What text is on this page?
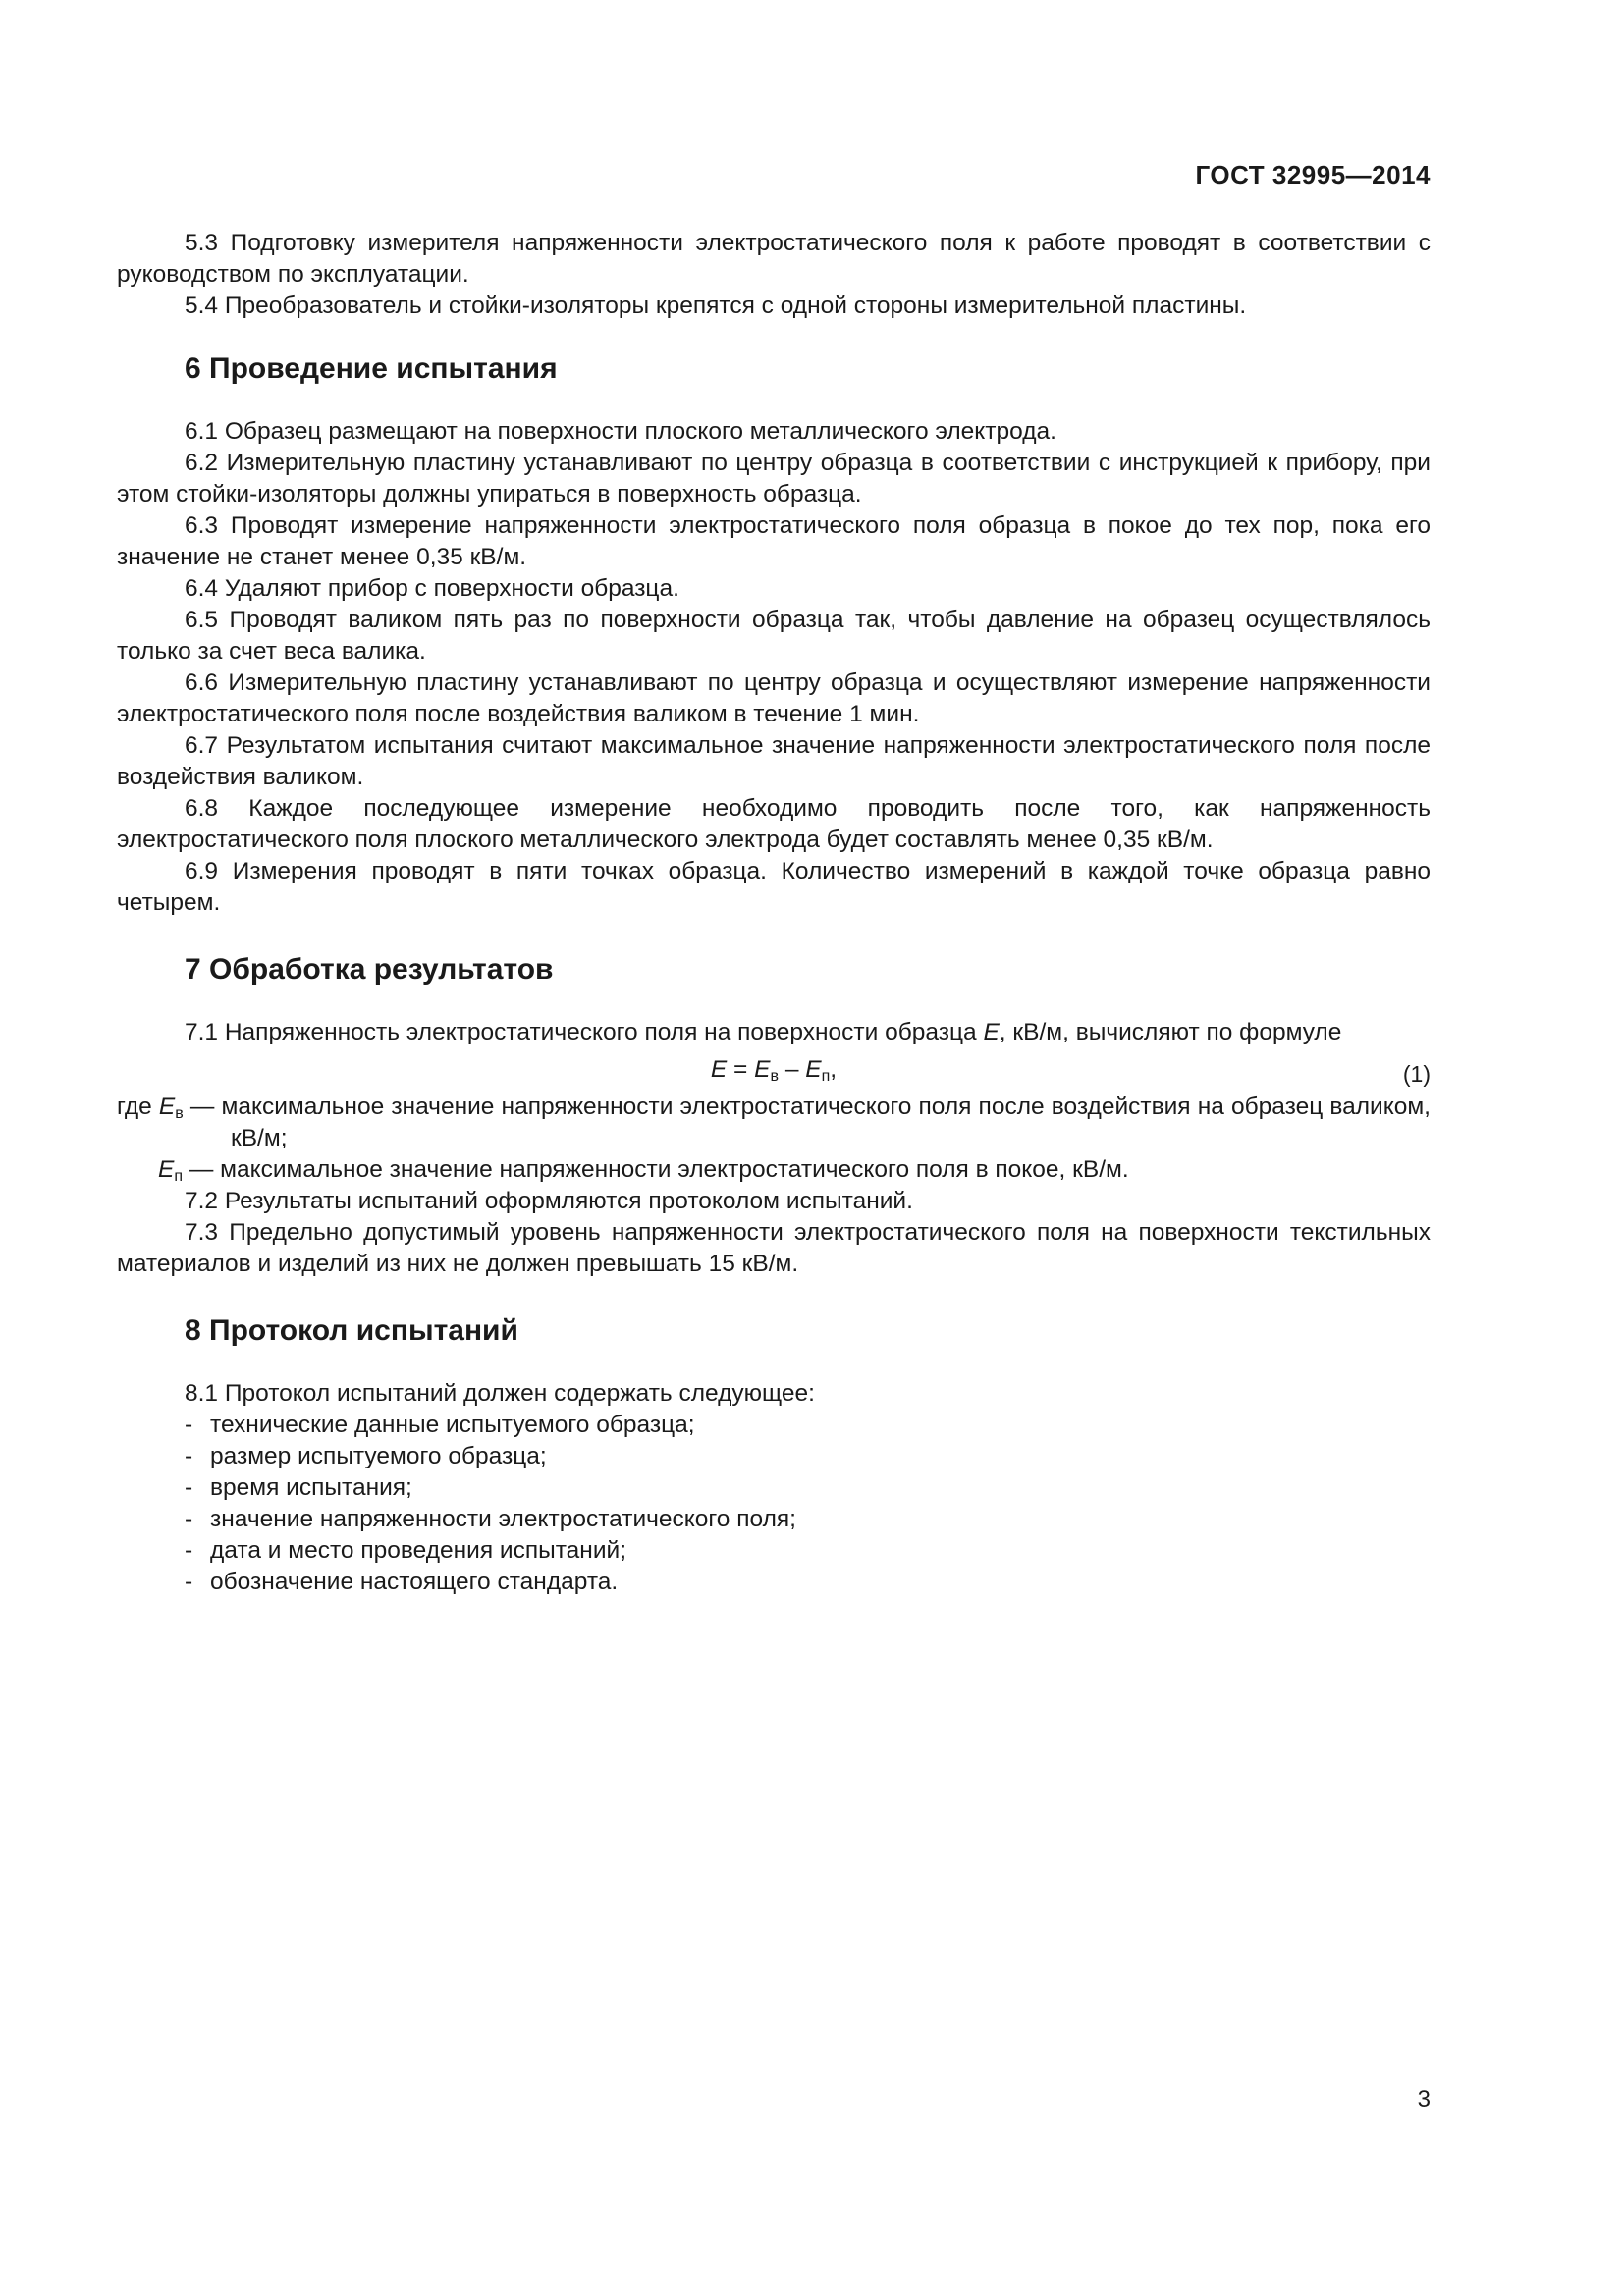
ГОСТ 32995—2014

5.3 Подготовку измерителя напряженности электростатического поля к работе проводят в соответствии с руководством по эксплуатации.

5.4 Преобразователь и стойки-изоляторы крепятся с одной стороны измерительной пластины.

6 Проведение испытания

6.1 Образец размещают на поверхности плоского металлического электрода.

6.2 Измерительную пластину устанавливают по центру образца в соответствии с инструкцией к прибору, при этом стойки-изоляторы должны упираться в поверхность образца.

6.3 Проводят измерение напряженности электростатического поля образца в покое до тех пор, пока его значение не станет менее 0,35 кВ/м.

6.4 Удаляют прибор с поверхности образца.

6.5 Проводят валиком пять раз по поверхности образца так, чтобы давление на образец осуществлялось только за счет веса валика.

6.6 Измерительную пластину устанавливают по центру образца и осуществляют измерение напряженности электростатического поля после воздействия валиком в течение 1 мин.

6.7 Результатом испытания считают максимальное значение напряженности электростатического поля после воздействия валиком.

6.8 Каждое последующее измерение необходимо проводить после того, как напряженность электростатического поля плоского металлического электрода будет составлять менее 0,35 кВ/м.

6.9 Измерения проводят в пяти точках образца. Количество измерений в каждой точке образца равно четырем.

7 Обработка результатов

7.1 Напряженность электростатического поля на поверхности образца E, кВ/м, вычисляют по формуле

$E = E_в - E_п$,	(1)

где $E_в$ — максимальное значение напряженности электростатического поля после воздействия на образец валиком, кВ/м;

$E_п$ — максимальное значение напряженности электростатического поля в покое, кВ/м.

7.2 Результаты испытаний оформляются протоколом испытаний.

7.3 Предельно допустимый уровень напряженности электростатического поля на поверхности текстильных материалов и изделий из них не должен превышать 15 кВ/м.

8 Протокол испытаний

8.1 Протокол испытаний должен содержать следующее:

- технические данные испытуемого образца;

- размер испытуемого образца;

- время испытания;

- значение напряженности электростатического поля;

- дата и место проведения испытаний;

- обозначение настоящего стандарта.

3
